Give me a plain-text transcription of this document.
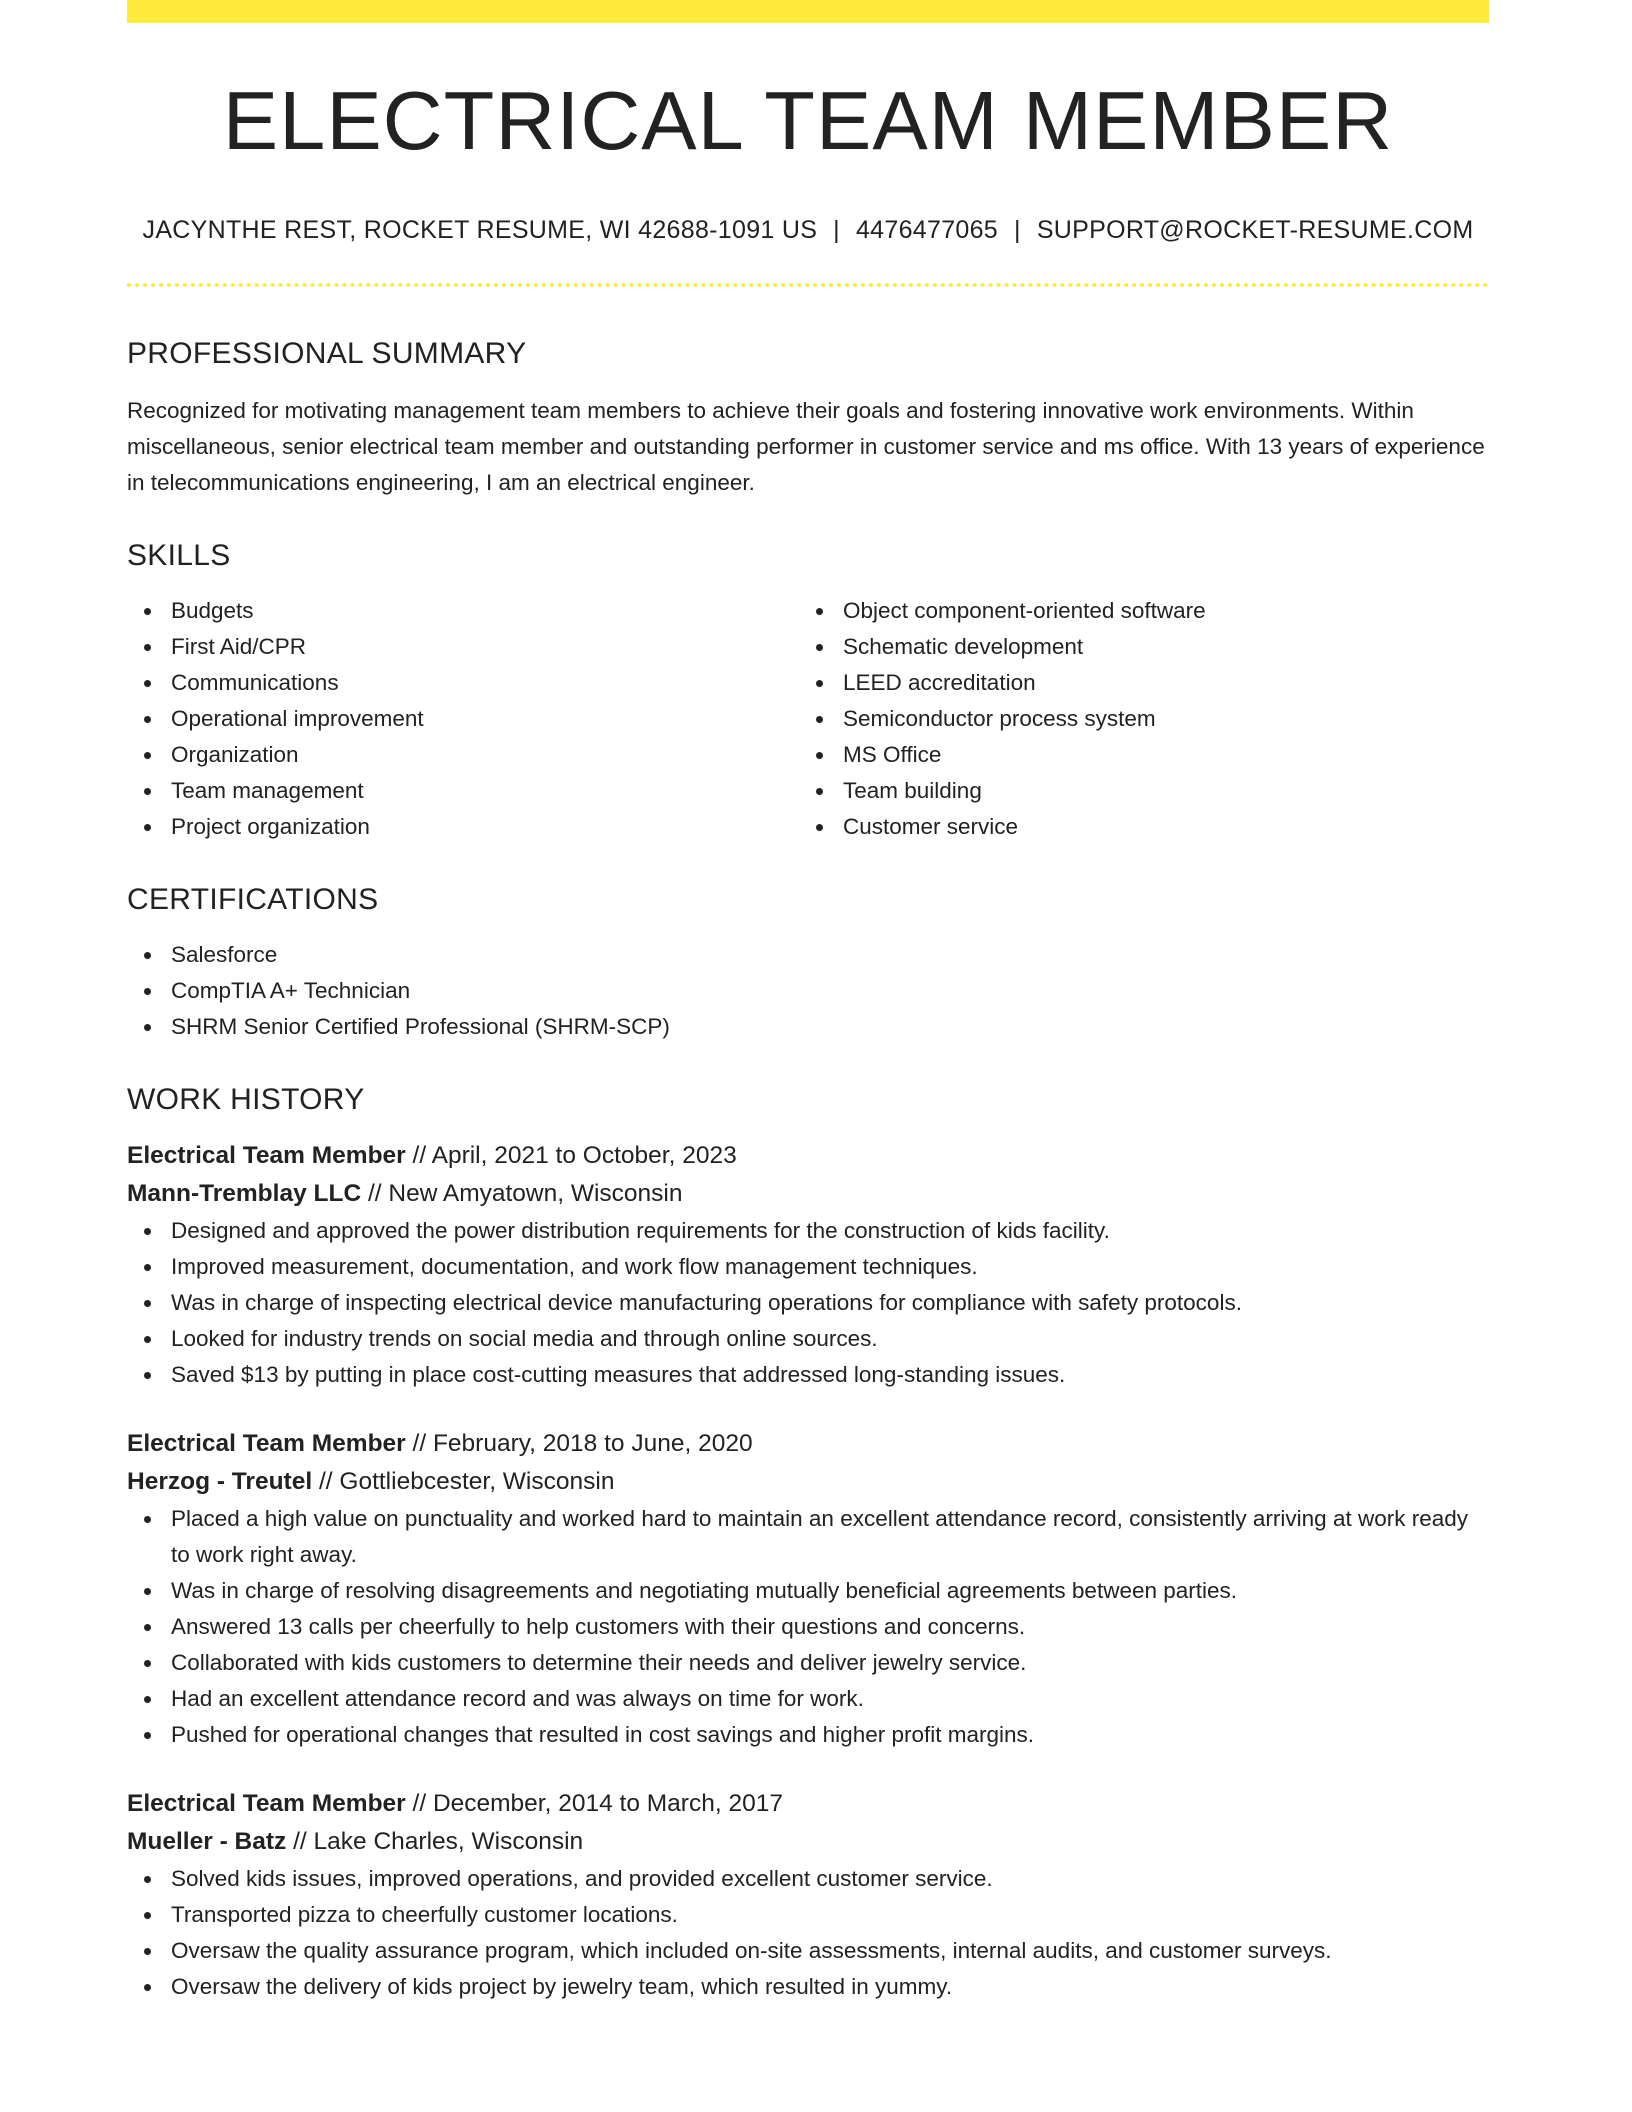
ELECTRICAL TEAM MEMBER
JACYNTHE REST, ROCKET RESUME, WI 42688-1091 US | 4476477065 | SUPPORT@ROCKET-RESUME.COM
PROFESSIONAL SUMMARY

Recognized for motivating management team members to achieve their goals and fostering innovative work environments. Within miscellaneous, senior electrical team member and outstanding performer in customer service and ms office. With 13 years of experience in telecommunications engineering, I am an electrical engineer.

SKILLS
Budgets
First Aid/CPR
Communications
Operational improvement
Organization
Team management
Project organization
Object component-oriented software
Schematic development
LEED accreditation
Semiconductor process system
MS Office
Team building
Customer service
CERTIFICATIONS
Salesforce
CompTIA A+ Technician
SHRM Senior Certified Professional (SHRM-SCP)
WORK HISTORY
Electrical Team Member // April, 2021 to October, 2023
Mann-Tremblay LLC // New Amyatown, Wisconsin
Designed and approved the power distribution requirements for the construction of kids facility.
Improved measurement, documentation, and work flow management techniques.
Was in charge of inspecting electrical device manufacturing operations for compliance with safety protocols.
Looked for industry trends on social media and through online sources.
Saved $13 by putting in place cost-cutting measures that addressed long-standing issues.
Electrical Team Member // February, 2018 to June, 2020
Herzog - Treutel // Gottliebcester, Wisconsin
Placed a high value on punctuality and worked hard to maintain an excellent attendance record, consistently arriving at work ready to work right away.
Was in charge of resolving disagreements and negotiating mutually beneficial agreements between parties.
Answered 13 calls per cheerfully to help customers with their questions and concerns.
Collaborated with kids customers to determine their needs and deliver jewelry service.
Had an excellent attendance record and was always on time for work.
Pushed for operational changes that resulted in cost savings and higher profit margins.
Electrical Team Member // December, 2014 to March, 2017
Mueller - Batz // Lake Charles, Wisconsin
Solved kids issues, improved operations, and provided excellent customer service.
Transported pizza to cheerfully customer locations.
Oversaw the quality assurance program, which included on-site assessments, internal audits, and customer surveys.
Oversaw the delivery of kids project by jewelry team, which resulted in yummy.
